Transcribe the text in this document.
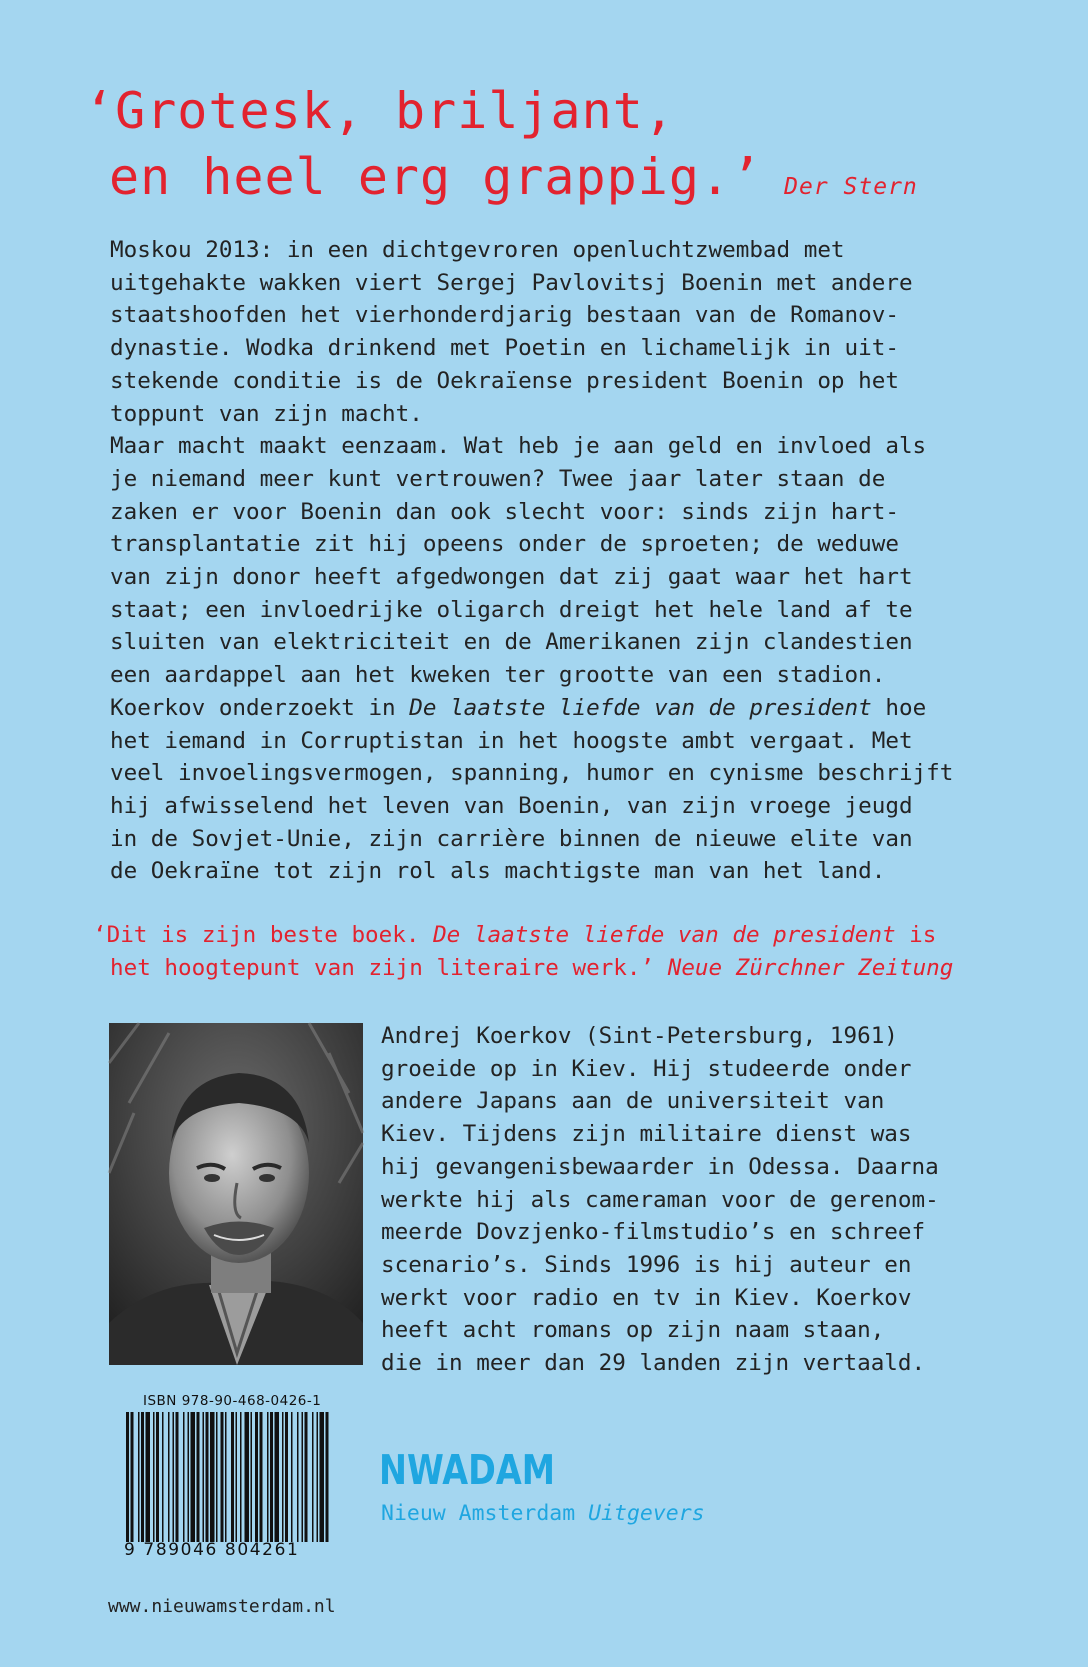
‘Grotesk, briljant,
en heel erg grappig.’ Der Stern
Moskou 2013: in een dichtgevroren openluchtzwembad met
uitgehakte wakken viert Sergej Pavlovitsj Boenin met andere
staatshoofden het vierhonderdjarig bestaan van de Romanov-
dynastie. Wodka drinkend met Poetin en lichamelijk in uit-
stekende conditie is de Oekraïense president Boenin op het
toppunt van zijn macht.
Maar macht maakt eenzaam. Wat heb je aan geld en invloed als
je niemand meer kunt vertrouwen? Twee jaar later staan de
zaken er voor Boenin dan ook slecht voor: sinds zijn hart-
transplantatie zit hij opeens onder de sproeten; de weduwe
van zijn donor heeft afgedwongen dat zij gaat waar het hart
staat; een invloedrijke oligarch dreigt het hele land af te
sluiten van elektriciteit en de Amerikanen zijn clandestien
een aardappel aan het kweken ter grootte van een stadion.
Koerkov onderzoekt in De laatste liefde van de president hoe
het iemand in Corruptistan in het hoogste ambt vergaat. Met
veel invoelingsvermogen, spanning, humor en cynisme beschrijft
hij afwisselend het leven van Boenin, van zijn vroege jeugd
in de Sovjet-Unie, zijn carrière binnen de nieuwe elite van
de Oekraïne tot zijn rol als machtigste man van het land.
‘Dit is zijn beste boek. De laatste liefde van de president is
het hoogtepunt van zijn literaire werk.’ Neue Zürchner Zeitung
Andrej Koerkov (Sint-Petersburg, 1961)
groeide op in Kiev. Hij studeerde onder
andere Japans aan de universiteit van
Kiev. Tijdens zijn militaire dienst was
hij gevangenisbewaarder in Odessa. Daarna
werkte hij als cameraman voor de gerenom-
meerde Dovzjenko-filmstudio’s en schreef
scenario’s. Sinds 1996 is hij auteur en
werkt voor radio en tv in Kiev. Koerkov
heeft acht romans op zijn naam staan,
die in meer dan 29 landen zijn vertaald.
ISBN 978-90-468-0426-1
9 789046 804261
NWADAM
Nieuw Amsterdam Uitgevers
www.nieuwamsterdam.nl
